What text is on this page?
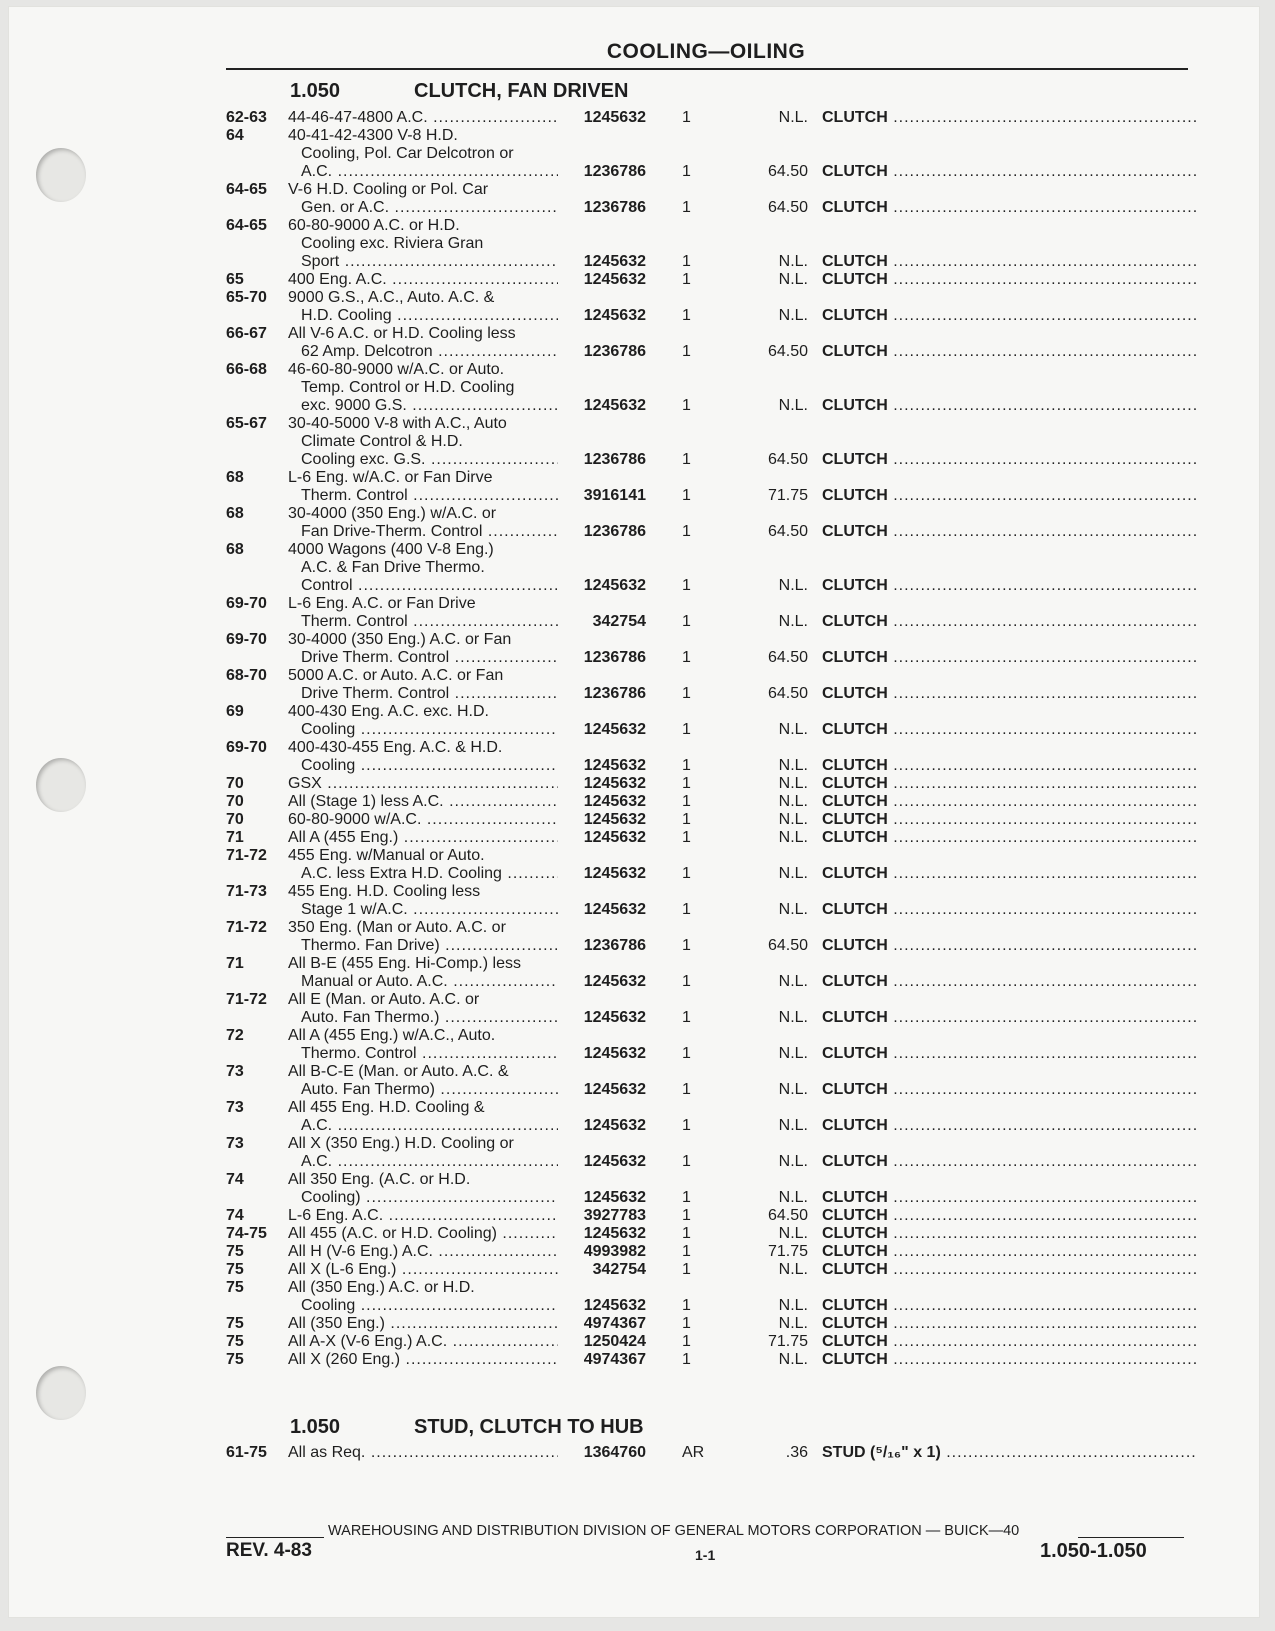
COOLING—OILING
1.050	CLUTCH, FAN DRIVEN
62-63 44-46-47-4800 A.C. .....	1245632 1	N.L. CLUTCH .....
64	40-41-42-4300 V-8 H.D.
Cooling, Pol. Car Delcotron or
A.C. .....	1236786 1	64.50 CLUTCH .....
64-65 V-6 H.D. Cooling or Pol. Car
Gen. or A.C. .....	1236786 1	64.50 CLUTCH .....
64-65 60-80-9000 A.C. or H.D.
Cooling exc. Riviera Gran
Sport .....	1245632 1	N.L. CLUTCH .....
65	400 Eng. A.C. .....	1245632 1	N.L. CLUTCH .....
65-70 9000 G.S., A.C., Auto. A.C. &
H.D. Cooling .....	1245632 1	N.L. CLUTCH .....
66-67 All V-6 A.C. or H.D. Cooling less
62 Amp. Delcotron .....	1236786 1	64.50 CLUTCH .....
66-68 46-60-80-9000 w/A.C. or Auto.
Temp. Control or H.D. Cooling
exc. 9000 G.S. .....	1245632 1	N.L. CLUTCH .....
65-67 30-40-5000 V-8 with A.C., Auto
Climate Control & H.D.
Cooling exc. G.S. .....	1236786 1	64.50 CLUTCH .....
68	L-6 Eng. w/A.C. or Fan Dirve
Therm. Control .....	3916141 1	71.75 CLUTCH .....
68	30-4000 (350 Eng.) w/A.C. or
Fan Drive-Therm. Control .....	1236786 1	64.50 CLUTCH .....
68	4000 Wagons (400 V-8 Eng.)
A.C. & Fan Drive Thermo.
Control .....	1245632 1	N.L. CLUTCH .....
69-70 L-6 Eng. A.C. or Fan Drive
Therm. Control .....	342754 1	N.L. CLUTCH .....
69-70 30-4000 (350 Eng.) A.C. or Fan
Drive Therm. Control .....	1236786 1	64.50 CLUTCH .....
68-70 5000 A.C. or Auto. A.C. or Fan
Drive Therm. Control .....	1236786 1	64.50 CLUTCH .....
69	400-430 Eng. A.C. exc. H.D.
Cooling .....	1245632 1	N.L. CLUTCH .....
69-70 400-430-455 Eng. A.C. & H.D.
Cooling .....	1245632 1	N.L. CLUTCH .....
70	GSX .....	1245632 1	N.L. CLUTCH .....
70	All (Stage 1) less A.C. .....	1245632 1	N.L. CLUTCH .....
70	60-80-9000 w/A.C. .....	1245632 1	N.L. CLUTCH .....
71	All A (455 Eng.) .....	1245632 1	N.L. CLUTCH .....
71-72 455 Eng. w/Manual or Auto.
A.C. less Extra H.D. Cooling .....	1245632 1	N.L. CLUTCH .....
71-73 455 Eng. H.D. Cooling less
Stage 1 w/A.C. .....	1245632 1	N.L. CLUTCH .....
71-72 350 Eng. (Man or Auto. A.C. or
Thermo. Fan Drive) .....	1236786 1	64.50 CLUTCH .....
71	All B-E (455 Eng. Hi-Comp.) less
Manual or Auto. A.C. .....	1245632 1	N.L. CLUTCH .....
71-72 All E (Man. or Auto. A.C. or
Auto. Fan Thermo.) .....	1245632 1	N.L. CLUTCH .....
72	All A (455 Eng.) w/A.C., Auto.
Thermo. Control .....	1245632 1	N.L. CLUTCH .....
73	All B-C-E (Man. or Auto. A.C. &
Auto. Fan Thermo) .....	1245632 1	N.L. CLUTCH .....
73	All 455 Eng. H.D. Cooling &
A.C. .....	1245632 1	N.L. CLUTCH .....
73	All X (350 Eng.) H.D. Cooling or
A.C. .....	1245632 1	N.L. CLUTCH .....
74	All 350 Eng. (A.C. or H.D.
Cooling) .....	1245632 1	N.L. CLUTCH .....
74	L-6 Eng. A.C. .....	3927783 1	64.50 CLUTCH .....
74-75 All 455 (A.C. or H.D. Cooling) .....	1245632 1	N.L. CLUTCH .....
75	All H (V-6 Eng.) A.C. .....	4993982 1	71.75 CLUTCH .....
75	All X (L-6 Eng.) .....	342754 1	N.L. CLUTCH .....
75	All (350 Eng.) A.C. or H.D.
Cooling .....	1245632 1	N.L. CLUTCH .....
75	All (350 Eng.) .....	4974367 1	N.L. CLUTCH .....
75	All A-X (V-6 Eng.) A.C. .....	1250424 1	71.75 CLUTCH .....
75	All X (260 Eng.) .....	4974367 1	N.L. CLUTCH .....
61-75 All as Req. .....	1364760 AR	.36 STUD (⁵/₁₆" x 1) .....
1.050	STUD, CLUTCH TO HUB
WAREHOUSING AND DISTRIBUTION DIVISION OF GENERAL MOTORS CORPORATION — BUICK—40
REV. 4-83	1-1	1.050-1.050
